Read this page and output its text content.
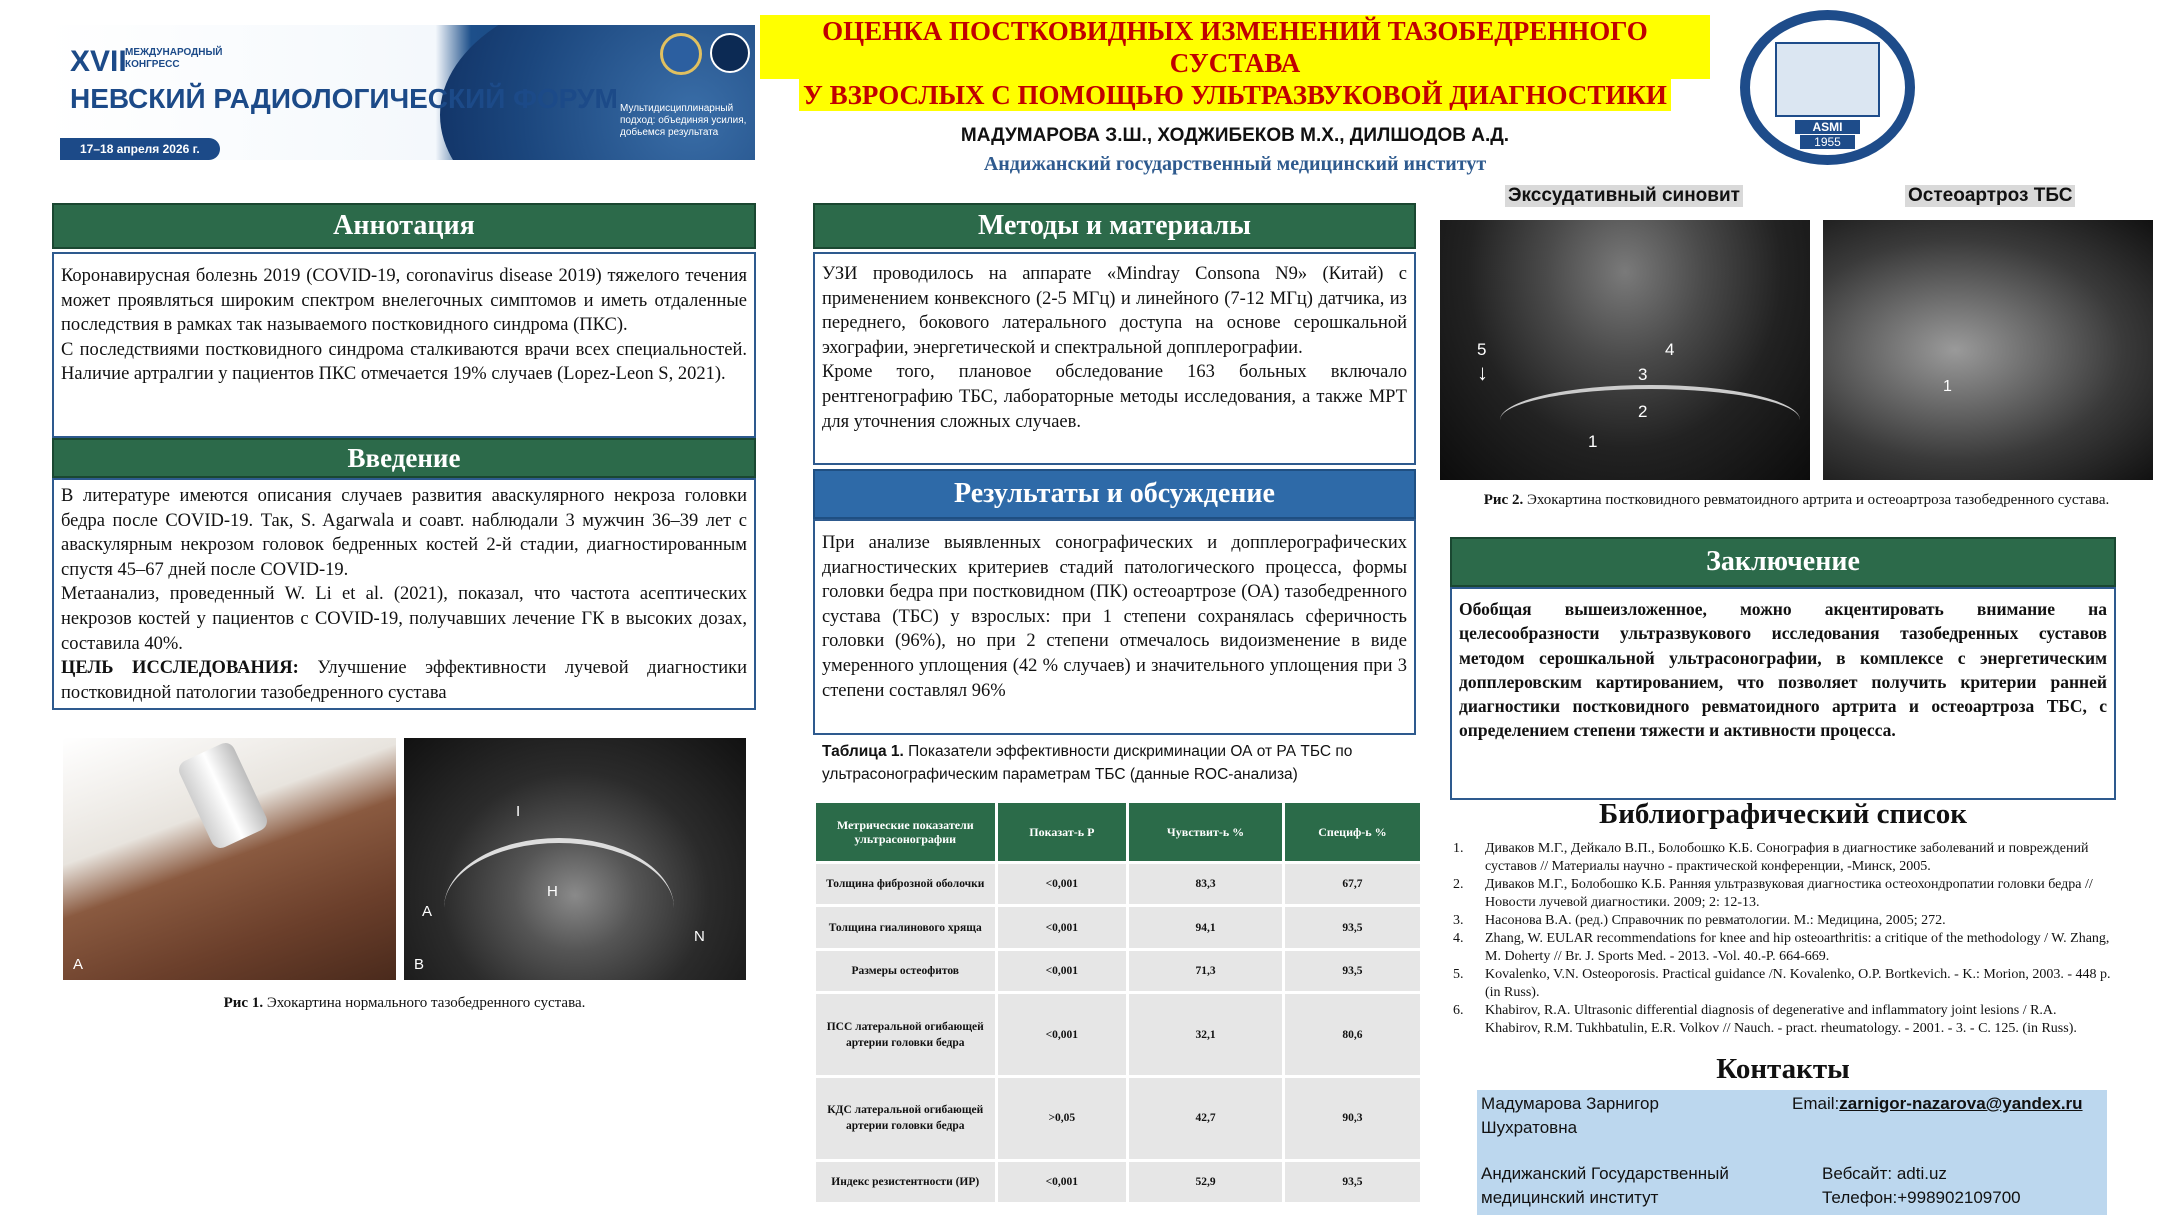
XVII
МЕЖДУНАРОДНЫЙ КОНГРЕСС
НЕВСКИЙ РАДИОЛОГИЧЕСКИЙ ФОРУМ
17–18 апреля 2026 г.
Мультидисциплинарный подход: объединяя усилия, добьемся результата
ОЦЕНКА ПОСТКОВИДНЫХ ИЗМЕНЕНИЙ ТАЗОБЕДРЕННОГО СУСТАВА
У ВЗРОСЛЫХ С ПОМОЩЬЮ УЛЬТРАЗВУКОВОЙ ДИАГНОСТИКИ
МАДУМАРОВА З.Ш., ХОДЖИБЕКОВ М.Х., ДИЛШОДОВ А.Д.
Андижанский государственный медицинский институт
ASMI
1955
Аннотация

Коронавирусная болезнь 2019 (COVID-19, coronavirus disease 2019) тяжелого течения может проявляться широким спектром внелегочных симптомов и иметь отдаленные последствия в рамках так называемого постковидного синдрома (ПКС).

С последствиями постковидного синдрома сталкиваются врачи всех специальностей. Наличие артралгии у пациентов ПКС отмечается 19% случаев (Lopez-Leon S, 2021).

Введение

В литературе имеются описания случаев развития аваскулярного некроза головки бедра после COVID-19. Так, S. Agarwala и соавт. наблюдали 3 мужчин 36–39 лет с аваскулярным некрозом головок бедренных костей 2-й стадии, диагностированным спустя 45–67 дней после COVID-19.

Метаанализ, проведенный W. Li et al. (2021), показал, что частота асептических некрозов костей у пациентов с COVID-19, получавших лечение ГК в высоких дозах, составила 40%.

ЦЕЛЬ ИССЛЕДОВАНИЯ: Улучшение эффективности лучевой диагностики постковидной патологии тазобедренного сустава

A
I
H
A
N
B
Рис 1. Эхокартина нормального тазобедренного сустава.
Методы и материалы

УЗИ проводилось на аппарате «Mindray Consona N9» (Китай) с применением конвексного (2-5 МГц) и линейного (7-12 МГц) датчика, из переднего, бокового латерального доступа на основе серошкальной эхографии, энергетической и спектральной допплерографии.

Кроме того, плановое обследование 163 больных включало рентгенографию ТБС, лабораторные методы исследования, а также МРТ для уточнения сложных случаев.

Результаты и обсуждение

При анализе выявленных сонографических и допплерографических диагностических критериев стадий патологического процесса, формы головки бедра при постковидном (ПК) остеоартрозе (ОА) тазобедренного сустава (ТБС) у взрослых: при 1 степени сохранялась сферичность головки (96%), но при 2 степени отмечалось видоизменение в виде умеренного уплощения (42 % случаев) и значительного уплощения при 3 степени составлял 96%

Таблица 1. Показатели эффективности дискриминации ОА от РА ТБС по ультрасонографическим параметрам ТБС (данные ROC-анализа)
Метрические показатели ультрасонографии	Показат-ь Р	Чувствит-ь %	Специф-ь %
Толщина фиброзной оболочки	<0,001	83,3	67,7
Толщина гиалинового хряща	<0,001	94,1	93,5
Размеры остеофитов	<0,001	71,3	93,5
ПСС латеральной огибающей артерии головки бедра	<0,001	32,1	80,6
КДС латеральной огибающей артерии головки бедра	>0,05	42,7	90,3
Индекс резистентности (ИР)	<0,001	52,9	93,5
Экссудативный синовит	Остеоартроз ТБС
5	4
3
2
1
↓
1
Рис 2. Эхокартина постковидного ревматоидного артрита и остеоартроза тазобедренного сустава.
Заключение

Обобщая вышеизложенное, можно акцентировать внимание на целесообразности ультразвукового исследования тазобедренных суставов методом серошкальной ультрасонографии, в комплексе с энергетическим допплеровским картированием, что позволяет получить критерии ранней диагностики постковидного ревматоидного артрита и остеоартроза ТБС, с определением степени тяжести и активности процесса.

Библиографический список
1.	Диваков М.Г., Дейкало В.П., Болобошко К.Б. Сонография в диагностике заболеваний и повреждений суставов // Материалы научно - практической конференции, -Минск, 2005.
2.	Диваков М.Г., Болобошко К.Б. Ранняя ультразвуковая диагностика остеохондропатии головки бедра // Новости лучевой диагностики. 2009; 2: 12-13.
3.	Насонова В.А. (ред.) Справочник по ревматологии. М.: Медицина, 2005; 272.
4.	Zhang, W. EULAR recommendations for knee and hip osteoarthritis: a critique of the methodology / W. Zhang, M. Doherty // Br. J. Sports Med. - 2013. -Vol. 40.-P. 664-669.
5.	Kovalenko, V.N. Osteoporosis. Practical guidance /N. Kovalenko, O.P. Bortkevich. - K.: Morion, 2003. - 448 p. (in Russ).
6.	Khabirov, R.A. Ultrasonic differential diagnosis of degenerative and inflammatory joint lesions / R.A. Khabirov, R.M. Tukhbatulin, E.R. Volkov // Nauch. - pract. rheumatology. - 2001. - 3. - C. 125. (in Russ).
Контакты
Мадумарова Зарнигор Шухратовна
Email:zarnigor-nazarova@yandex.ru
Андижанский Государственный медицинский институт
Вебсайт: adti.uz
Телефон:+998902109700
